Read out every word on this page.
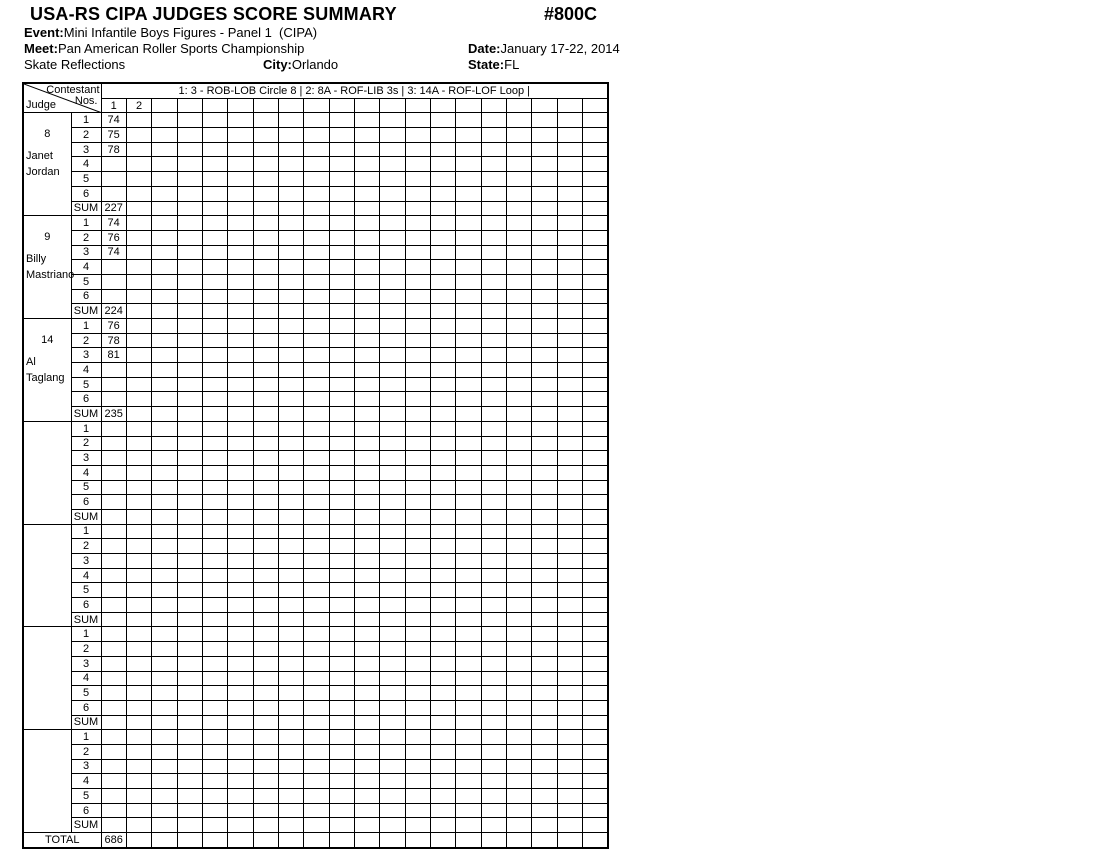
USA-RS CIPA JUDGES SCORE SUMMARY	#800C
Event:Mini Infantile Boys Figures - Panel 1  (CIPA)
Meet:Pan American Roller Sports Championship	Date:January 17-22, 2014
Skate Reflections	City:Orlando	State:FL
Contestant
Nos.
Judge		1: 3 - ROB-LOB Circle 8 | 2: 8A - ROF-LIB 3s | 3: 14A - ROF-LOF Loop |																			
		1	2																		

8
Janet
Jordan	1	74																			
	2	75																			
	3	78																			
	4																				
	5																				
	6																				
	SUM	227																			

9
Billy
Mastriano	1	74																			
	2	76																			
	3	74																			
	4																				
	5																				
	6																				
	SUM	224																			

14
Al
Taglang	1	76																			
	2	78																			
	3	81																			
	4																				
	5																				
	6																				
	SUM	235																			

	1																				
	2																				
	3																				
	4																				
	5																				
	6																				
	SUM																				

	1																				
	2																				
	3																				
	4																				
	5																				
	6																				
	SUM																				

	1																				
	2																				
	3																				
	4																				
	5																				
	6																				
	SUM																				

	1																				
	2																				
	3																				
	4																				
	5																				
	6																				
	SUM																				
TOTAL		686																			
